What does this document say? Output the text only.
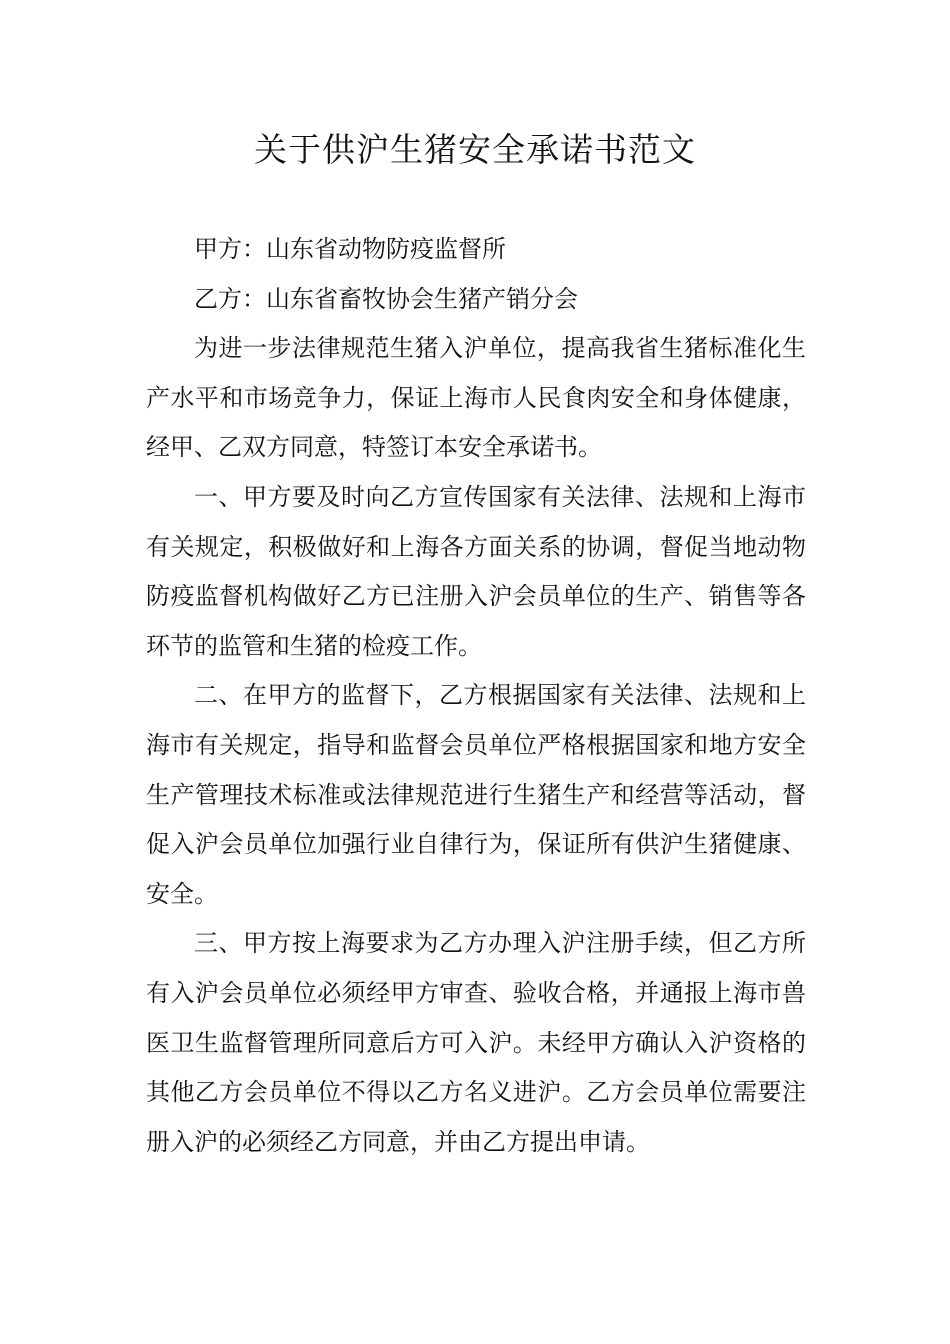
关于供沪生猪安全承诺书范文

甲方：山东省动物防疫监督所

乙方：山东省畜牧协会生猪产销分会

为进一步法律规范生猪入沪单位，提高我省生猪标准化生产水平和市场竞争力，保证上海市人民食肉安全和身体健康，经甲、乙双方同意，特签订本安全承诺书。

一、甲方要及时向乙方宣传国家有关法律、法规和上海市有关规定，积极做好和上海各方面关系的协调，督促当地动物防疫监督机构做好乙方已注册入沪会员单位的生产、销售等各环节的监管和生猪的检疫工作。

二、在甲方的监督下，乙方根据国家有关法律、法规和上海市有关规定，指导和监督会员单位严格根据国家和地方安全生产管理技术标准或法律规范进行生猪生产和经营等活动，督促入沪会员单位加强行业自律行为，保证所有供沪生猪健康、安全。

三、甲方按上海要求为乙方办理入沪注册手续，但乙方所有入沪会员单位必须经甲方审查、验收合格，并通报上海市兽医卫生监督管理所同意后方可入沪。未经甲方确认入沪资格的其他乙方会员单位不得以乙方名义进沪。乙方会员单位需要注册入沪的必须经乙方同意，并由乙方提出申请。
